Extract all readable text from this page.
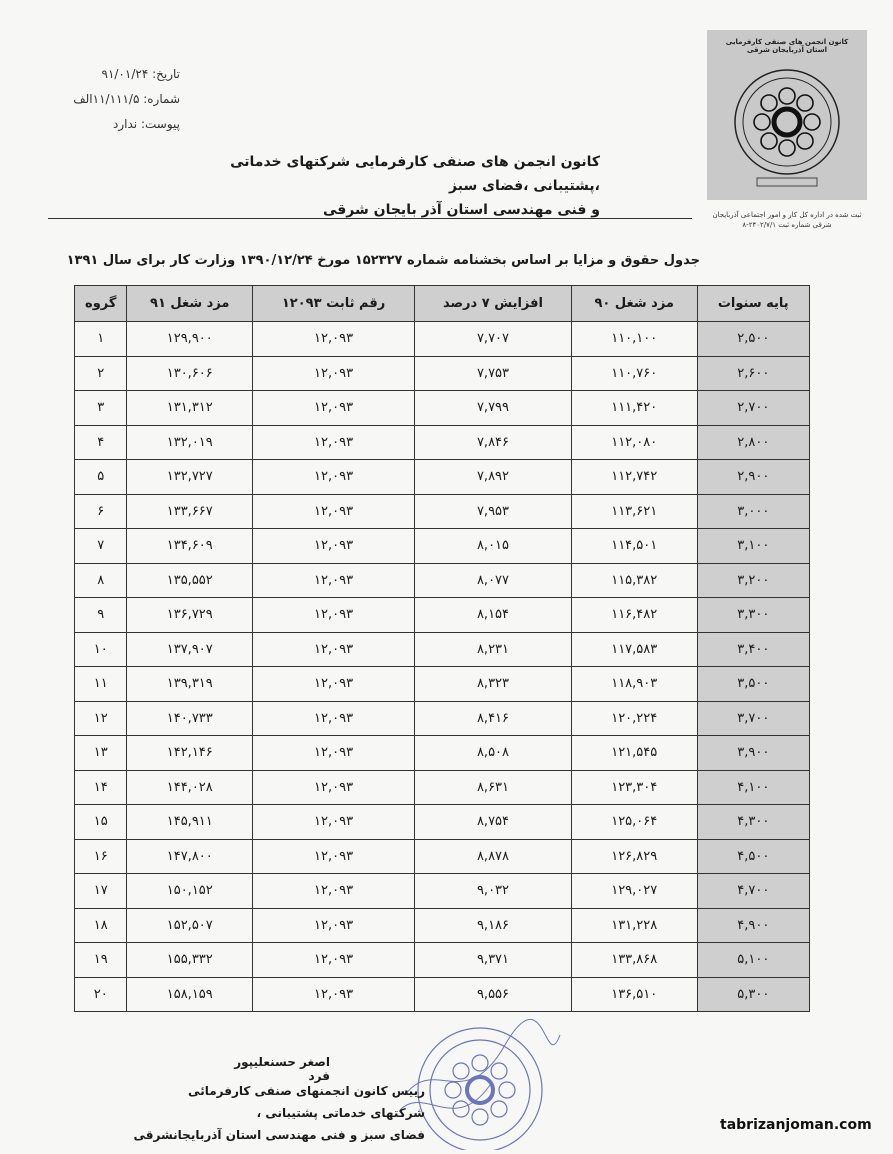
تاریخ: ۹۱/۰۱/۲۴
شماره: ۱۱/۱۱۱/۵الف
پیوست: ندارد
کانون انجمن های صنفی کارفرمایی استان آذربایجان شرقی
ثبت شده در اداره کل کار و امور اجتماعی آذربایجان شرقی شماره ثبت ۲۴۰۲/۷/۱-۸
کانون انجمن های صنفی کارفرمایی شرکتهای خدماتی ،پشتیبانی ،فضای سبز
و فنی مهندسی استان آذر بایجان شرقی
جدول حقوق و مزایا بر اساس بخشنامه شماره ۱۵۲۳۲۷ مورخ ۱۳۹۰/۱۲/۲۴ وزارت کار برای سال ۱۳۹۱
پایه سنوات	مزد شغل ۹۰	افزایش ۷ درصد	رقم ثابت ۱۲۰۹۳	مزد شغل ۹۱	گروه
۲,۵۰۰	۱۱۰,۱۰۰	۷,۷۰۷	۱۲,۰۹۳	۱۲۹,۹۰۰	۱
۲,۶۰۰	۱۱۰,۷۶۰	۷,۷۵۳	۱۲,۰۹۳	۱۳۰,۶۰۶	۲
۲,۷۰۰	۱۱۱,۴۲۰	۷,۷۹۹	۱۲,۰۹۳	۱۳۱,۳۱۲	۳
۲,۸۰۰	۱۱۲,۰۸۰	۷,۸۴۶	۱۲,۰۹۳	۱۳۲,۰۱۹	۴
۲,۹۰۰	۱۱۲,۷۴۲	۷,۸۹۲	۱۲,۰۹۳	۱۳۲,۷۲۷	۵
۳,۰۰۰	۱۱۳,۶۲۱	۷,۹۵۳	۱۲,۰۹۳	۱۳۳,۶۶۷	۶
۳,۱۰۰	۱۱۴,۵۰۱	۸,۰۱۵	۱۲,۰۹۳	۱۳۴,۶۰۹	۷
۳,۲۰۰	۱۱۵,۳۸۲	۸,۰۷۷	۱۲,۰۹۳	۱۳۵,۵۵۲	۸
۳,۳۰۰	۱۱۶,۴۸۲	۸,۱۵۴	۱۲,۰۹۳	۱۳۶,۷۲۹	۹
۳,۴۰۰	۱۱۷,۵۸۳	۸,۲۳۱	۱۲,۰۹۳	۱۳۷,۹۰۷	۱۰
۳,۵۰۰	۱۱۸,۹۰۳	۸,۳۲۳	۱۲,۰۹۳	۱۳۹,۳۱۹	۱۱
۳,۷۰۰	۱۲۰,۲۲۴	۸,۴۱۶	۱۲,۰۹۳	۱۴۰,۷۳۳	۱۲
۳,۹۰۰	۱۲۱,۵۴۵	۸,۵۰۸	۱۲,۰۹۳	۱۴۲,۱۴۶	۱۳
۴,۱۰۰	۱۲۳,۳۰۴	۸,۶۳۱	۱۲,۰۹۳	۱۴۴,۰۲۸	۱۴
۴,۳۰۰	۱۲۵,۰۶۴	۸,۷۵۴	۱۲,۰۹۳	۱۴۵,۹۱۱	۱۵
۴,۵۰۰	۱۲۶,۸۲۹	۸,۸۷۸	۱۲,۰۹۳	۱۴۷,۸۰۰	۱۶
۴,۷۰۰	۱۲۹,۰۲۷	۹,۰۳۲	۱۲,۰۹۳	۱۵۰,۱۵۲	۱۷
۴,۹۰۰	۱۳۱,۲۲۸	۹,۱۸۶	۱۲,۰۹۳	۱۵۲,۵۰۷	۱۸
۵,۱۰۰	۱۳۳,۸۶۸	۹,۳۷۱	۱۲,۰۹۳	۱۵۵,۳۳۲	۱۹
۵,۳۰۰	۱۳۶,۵۱۰	۹,۵۵۶	۱۲,۰۹۳	۱۵۸,۱۵۹	۲۰
اصغر حسنعلیپور فرد
رییس کانون انجمنهای صنفی کارفرمائی شرکتهای خدماتی پشتیبانی ،
فضای سبز و فنی مهندسی استان آذربایجانشرقی
tabrizanjoman.com
